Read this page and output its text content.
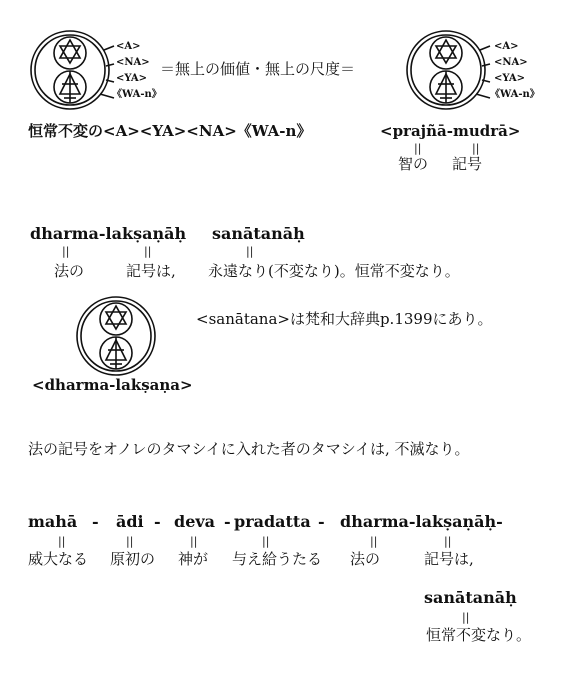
<A>
<NA>
<YA>
《WA-n》
＝無上の価値・無上の尺度＝
<A>
<NA>
<YA>
《WA-n》
恒常不変の<A><YA><NA>《WA-n》	<prajñā-mudrā>
||	||
智の 記号
dharma-lakṣaṇāḥ sanātanāḥ
||	||	||
法の	記号は, 永遠なり(不変なり)。恒常不変なり。
<sanātana>は梵和大辞典p.1399にあり。
<dharma-lakṣaṇa>
法の記号をオノレのタマシイに入れた者のタマシイは, 不滅なり。
mahā - ādi - deva - pradatta - dharma-lakṣaṇāḥ-
||	||	||	||	||	||
威大なる 原初の 神が 与え給うたる 法の	記号は,
sanātanāḥ
||
恒常不変なり。
